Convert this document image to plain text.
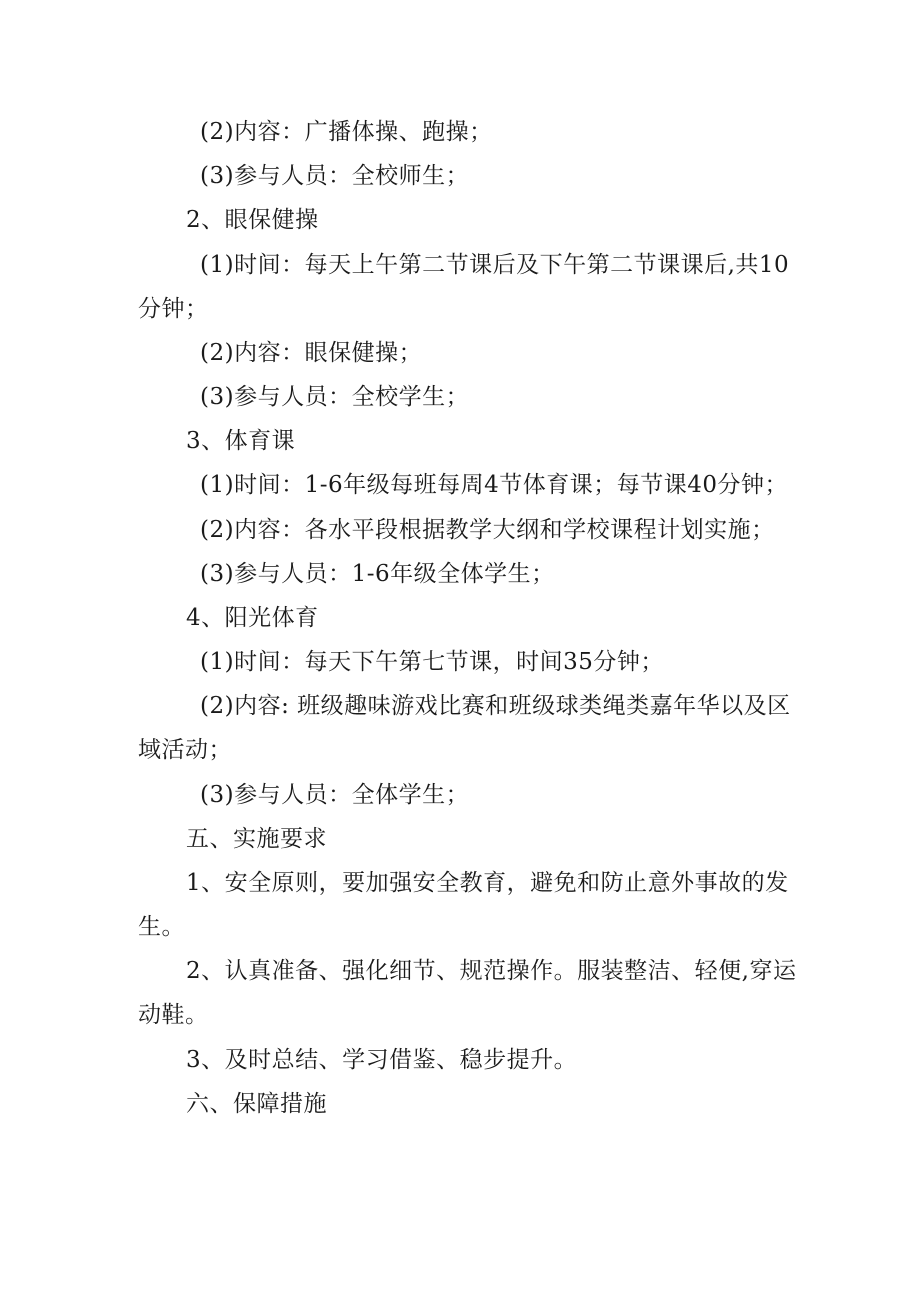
(2)内容：广播体操、跑操；
(3)参与人员：全校师生；
2、眼保健操
(1)时间：每天上午第二节课后及下午第二节课课后,共10
分钟；
(2)内容：眼保健操；
(3)参与人员：全校学生；
3、体育课
(1)时间：1-6年级每班每周4节体育课；每节课40分钟；
(2)内容：各水平段根据教学大纲和学校课程计划实施；
(3)参与人员：1-6年级全体学生；
4、阳光体育
(1)时间：每天下午第七节课，时间35分钟；
(2)内容: 班级趣味游戏比赛和班级球类绳类嘉年华以及区
域活动；
(3)参与人员：全体学生；
五、实施要求
1、安全原则，要加强安全教育，避免和防止意外事故的发
生。
2、认真准备、强化细节、规范操作。服装整洁、轻便,穿运
动鞋。
3、及时总结、学习借鉴、稳步提升。
六、保障措施
